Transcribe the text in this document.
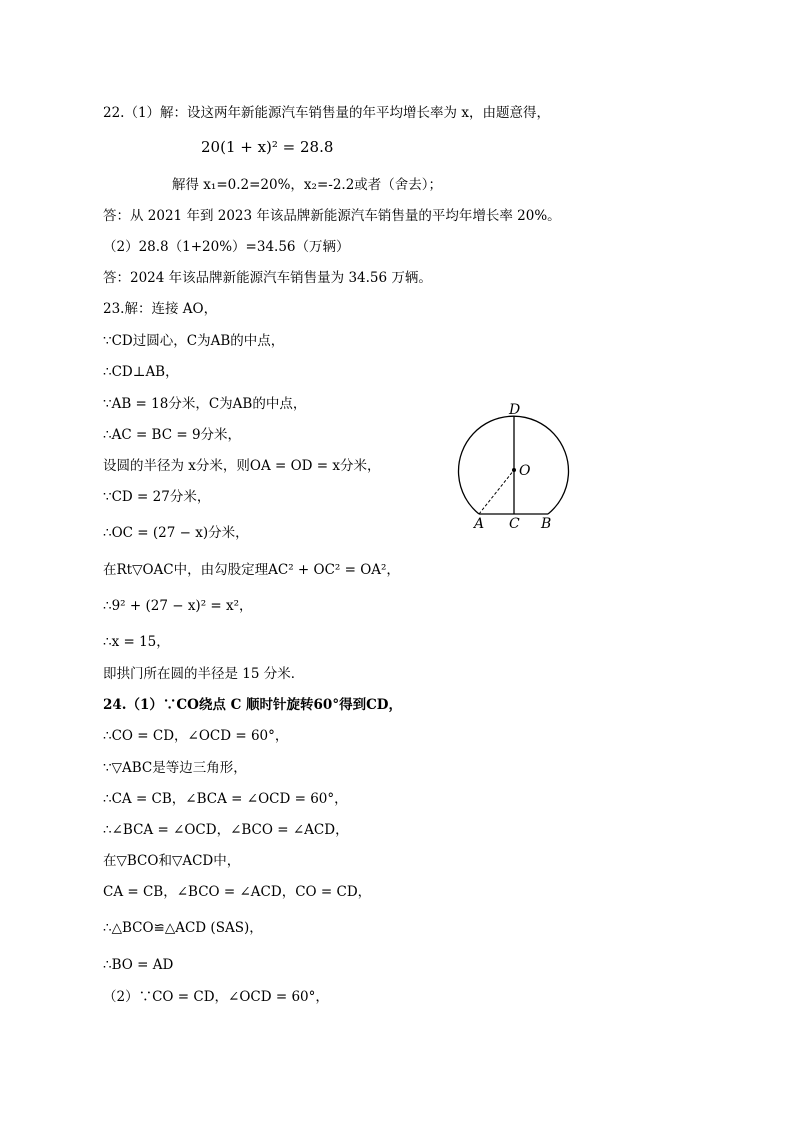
22.（1）解：设这两年新能源汽车销售量的年平均增长率为 x，由题意得，
20(1 + x)² = 28.8
解得 x₁=0.2=20%，x₂=-2.2或者（舍去）；
答：从 2021 年到 2023 年该品牌新能源汽车销售量的平均年增长率 20%。
（2）28.8（1+20%）=34.56（万辆）
答：2024 年该品牌新能源汽车销售量为 34.56 万辆。
23.解：连接 AO，
∵CD过圆心，C为AB的中点，
∴CD⊥AB，
∵AB = 18分米，C为AB的中点，
∴AC = BC = 9分米，
设圆的半径为 x分米，则OA = OD = x分米，
∵CD = 27分米，
∴OC = (27 − x)分米，
在Rt▽OAC中，由勾股定理AC² + OC² = OA²，
∴9² + (27 − x)² = x²，
∴x = 15，
即拱门所在圆的半径是 15 分米．
24.（1）∵CO绕点 C 顺时针旋转60°得到CD，
∴CO = CD，∠OCD = 60°，
∵▽ABC是等边三角形，
∴CA = CB，∠BCA = ∠OCD = 60°，
∴∠BCA = ∠OCD，∠BCO = ∠ACD，
在▽BCO和▽ACD中，
CA = CB，∠BCO = ∠ACD，CO = CD，
∴△BCO≌△ACD (SAS)，
∴BO = AD
（2）∵CO = CD，∠OCD = 60°，
D
O
A C B
